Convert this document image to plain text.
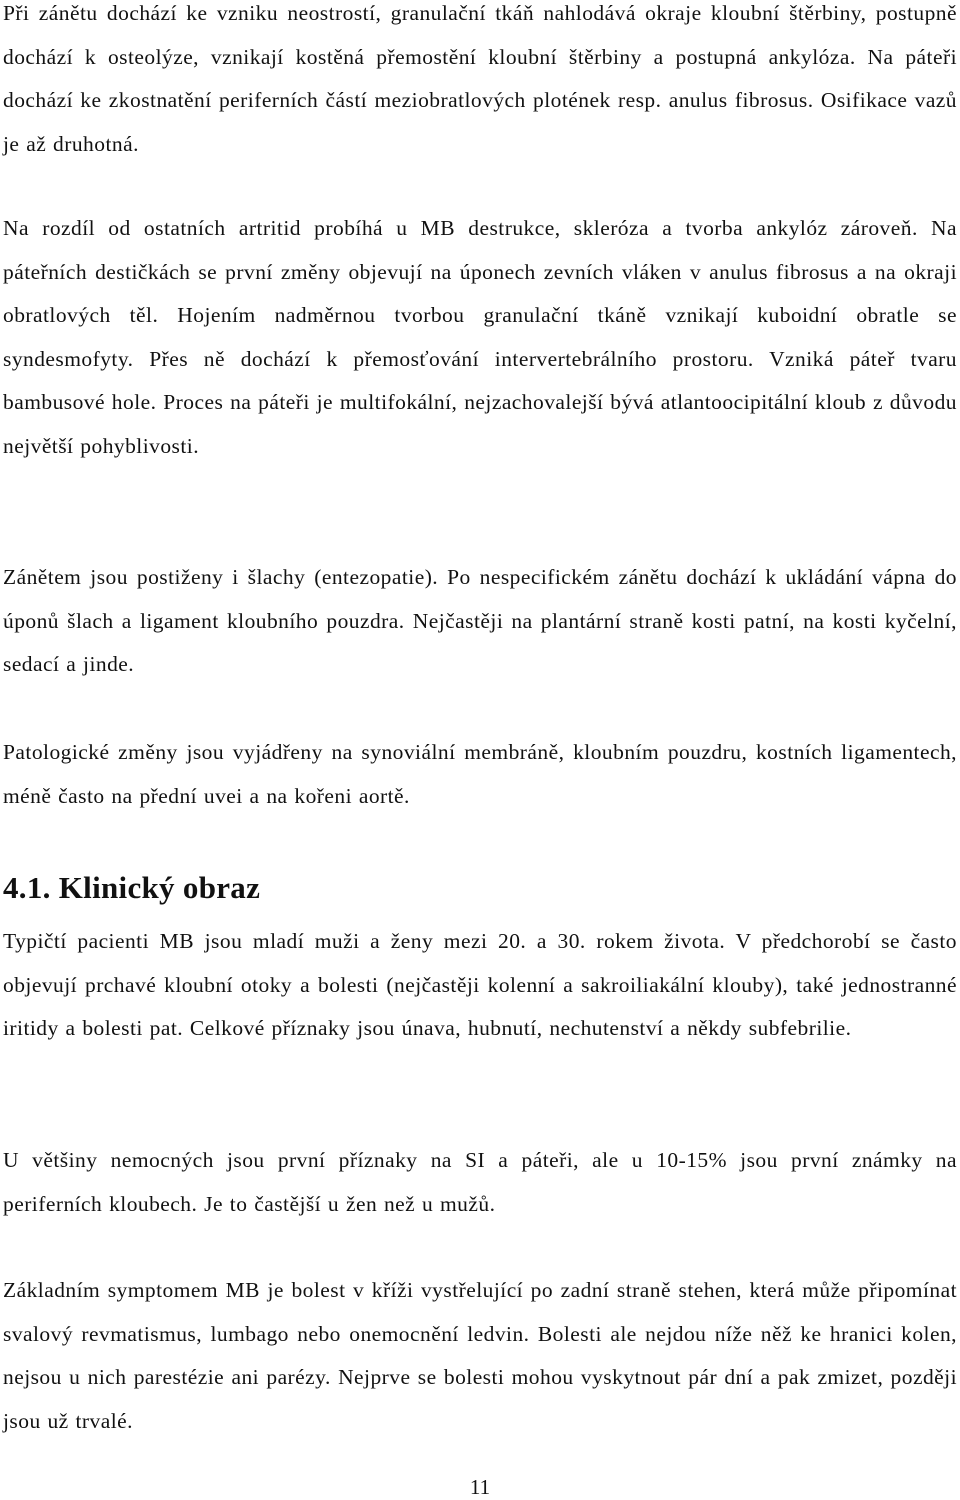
Při zánětu dochází ke vzniku neostrostí, granulační tkáň nahlodává okraje kloubní štěrbiny, postupně dochází k osteolýze, vznikají kostěná přemostění kloubní štěrbiny a postupná ankylóza. Na páteři dochází ke zkostnatění periferních částí meziobratlových plotének resp. anulus fibrosus. Osifikace vazů je až druhotná.

Na rozdíl od ostatních artritid probíhá u MB destrukce, skleróza a tvorba ankylóz zároveň. Na páteřních destičkách se první změny objevují na úponech zevních vláken v anulus fibrosus a na okraji obratlových těl. Hojením nadměrnou tvorbou granulační tkáně vznikají kuboidní obratle se syndesmofyty. Přes ně dochází k přemosťování intervertebrálního prostoru. Vzniká páteř tvaru bambusové hole. Proces na páteři je multifokální, nejzachovalejší bývá atlantoocipitální kloub z důvodu největší pohyblivosti.

Zánětem jsou postiženy i šlachy (entezopatie). Po nespecifickém zánětu dochází k ukládání vápna do úponů šlach a ligament kloubního pouzdra. Nejčastěji na plantární straně kosti patní, na kosti kyčelní, sedací a jinde.

Patologické změny jsou vyjádřeny na synoviální membráně, kloubním pouzdru, kostních ligamentech, méně často na přední uvei a na kořeni aortě.

4.1. Klinický obraz

Typičtí pacienti MB jsou mladí muži a ženy mezi 20. a 30. rokem života. V předchorobí se často objevují prchavé kloubní otoky a bolesti (nejčastěji kolenní a sakroiliakální klouby), také jednostranné iritidy a bolesti pat. Celkové příznaky jsou únava, hubnutí, nechutenství a někdy subfebrilie.

U většiny nemocných jsou první příznaky na SI a páteři, ale u 10-15% jsou první známky na periferních kloubech. Je to častější u žen než u mužů.

Základním symptomem MB je bolest v kříži vystřelující po zadní straně stehen, která může připomínat svalový revmatismus, lumbago nebo onemocnění ledvin. Bolesti ale nejdou níže něž ke hranici kolen, nejsou u nich parestézie ani parézy. Nejprve se bolesti mohou vyskytnout pár dní a pak zmizet, později jsou už trvalé.

11
